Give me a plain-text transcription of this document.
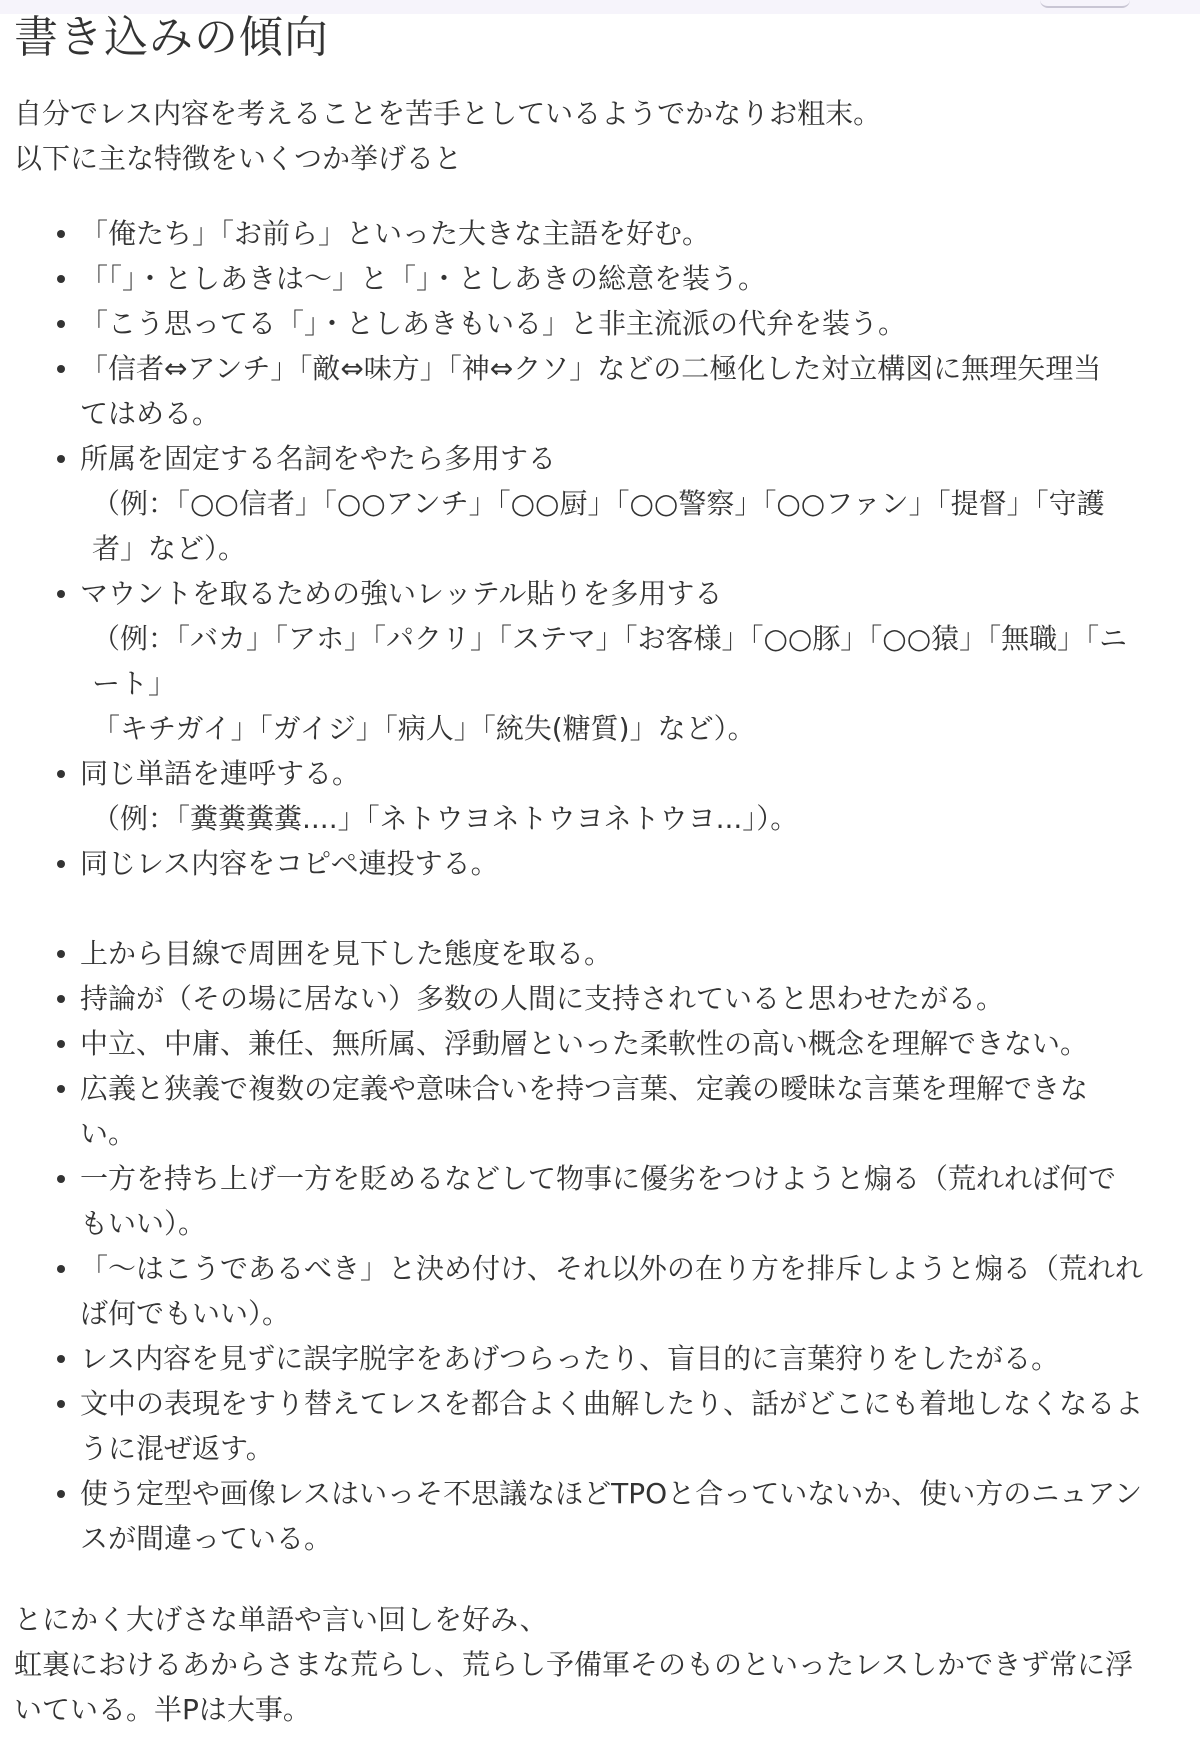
書き込みの傾向

自分でレス内容を考えることを苦手としているようでかなりお粗末。
以下に主な特徴をいくつか挙げると

「俺たち」「お前ら」といった大きな主語を好む。
「「」・としあきは〜」と「」・としあきの総意を装う。
「こう思ってる「」・としあきもいる」と非主流派の代弁を装う。
「信者⇔アンチ」「敵⇔味方」「神⇔クソ」などの二極化した対立構図に無理矢理当
てはめる。
所属を固定する名詞をやたら多用する
（例：「○○信者」「○○アンチ」「○○厨」「○○警察」「○○ファン」「提督」「守護
者」など）。
マウントを取るための強いレッテル貼りを多用する
（例：「バカ」「アホ」「パクリ」「ステマ」「お客様」「○○豚」「○○猿」「無職」「ニ
ート」
「キチガイ」「ガイジ」「病人」「統失(糖質)」など）。
同じ単語を連呼する。
（例：「糞糞糞糞....」「ネトウヨネトウヨネトウヨ...」）。
同じレス内容をコピペ連投する。
上から目線で周囲を見下した態度を取る。
持論が（その場に居ない）多数の人間に支持されていると思わせたがる。
中立、中庸、兼任、無所属、浮動層といった柔軟性の高い概念を理解できない。
広義と狭義で複数の定義や意味合いを持つ言葉、定義の曖昧な言葉を理解できな
い。
一方を持ち上げ一方を貶めるなどして物事に優劣をつけようと煽る（荒れれば何で
もいい）。
「〜はこうであるべき」と決め付け、それ以外の在り方を排斥しようと煽る（荒れれ
ば何でもいい）。
レス内容を見ずに誤字脱字をあげつらったり、盲目的に言葉狩りをしたがる。
文中の表現をすり替えてレスを都合よく曲解したり、話がどこにも着地しなくなるよ
うに混ぜ返す。
使う定型や画像レスはいっそ不思議なほどTPOと合っていないか、使い方のニュアン
スが間違っている。

とにかく大げさな単語や言い回しを好み、
虹裏におけるあからさまな荒らし、荒らし予備軍そのものといったレスしかできず常に浮
いている。半Pは大事。
